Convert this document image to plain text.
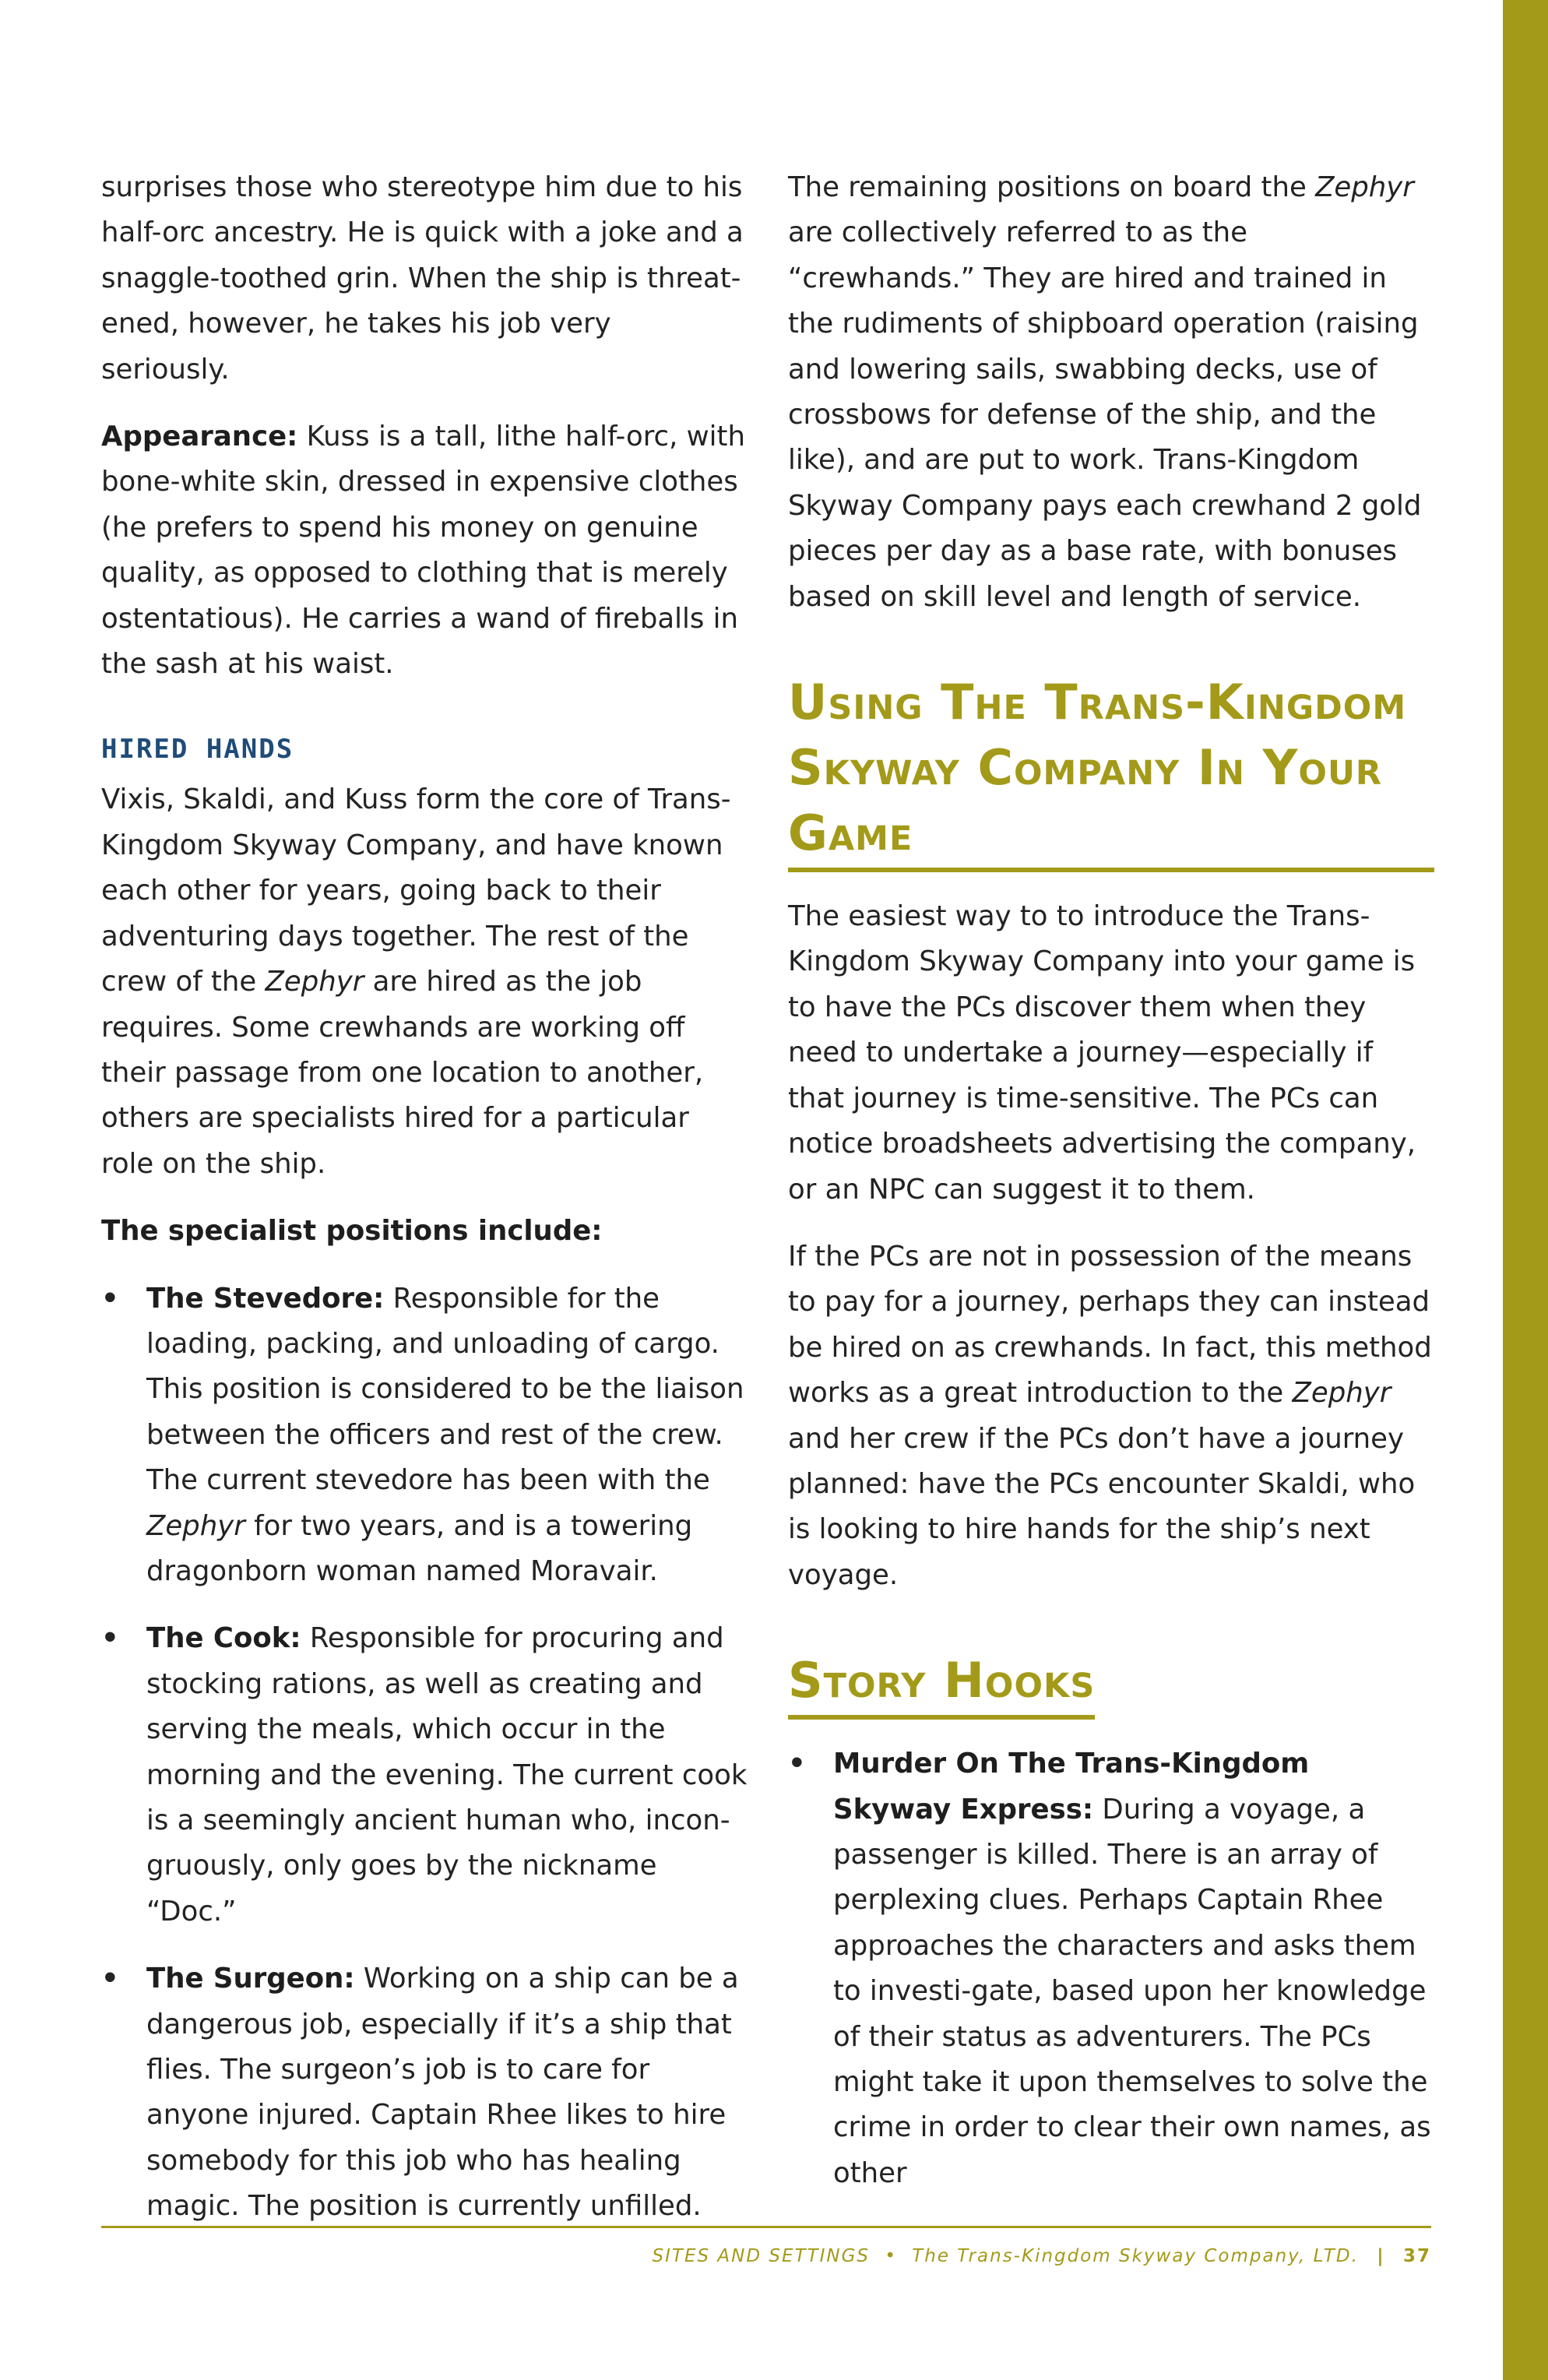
surprises those who stereotype him due to his half-orc ancestry. He is quick with a joke and a snaggle-toothed grin. When the ship is threat-ened, however, he takes his job very seriously.

Appearance: Kuss is a tall, lithe half-orc, with bone-white skin, dressed in expensive clothes (he prefers to spend his money on genuine quality, as opposed to clothing that is merely ostentatious). He carries a wand of fireballs in the sash at his waist.

HIRED HANDS

Vixis, Skaldi, and Kuss form the core of Trans-Kingdom Skyway Company, and have known each other for years, going back to their adventuring days together. The rest of the crew of the Zephyr are hired as the job requires. Some crewhands are working off their passage from one location to another, others are specialists hired for a particular role on the ship.

The specialist positions include:

• The Stevedore: Responsible for the loading, packing, and unloading of cargo. This position is considered to be the liaison between the officers and rest of the crew. The current stevedore has been with the Zephyr for two years, and is a towering dragonborn woman named Moravair.
• The Cook: Responsible for procuring and stocking rations, as well as creating and serving the meals, which occur in the morning and the evening. The current cook is a seemingly ancient human who, incon-gruously, only goes by the nickname “Doc.”
• The Surgeon: Working on a ship can be a dangerous job, especially if it’s a ship that flies. The surgeon’s job is to care for anyone injured. Captain Rhee likes to hire somebody for this job who has healing magic. The position is currently unfilled.

The remaining positions on board the Zephyr are collectively referred to as the “crewhands.” They are hired and trained in the rudiments of shipboard operation (raising and lowering sails, swabbing decks, use of crossbows for defense of the ship, and the like), and are put to work. Trans-Kingdom Skyway Company pays each crewhand 2 gold pieces per day as a base rate, with bonuses based on skill level and length of service.

Using The Trans-Kingdom Skyway Company In Your Game

The easiest way to to introduce the Trans-Kingdom Skyway Company into your game is to have the PCs discover them when they need to undertake a journey—especially if that journey is time-sensitive. The PCs can notice broadsheets advertising the company, or an NPC can suggest it to them.

If the PCs are not in possession of the means to pay for a journey, perhaps they can instead be hired on as crewhands. In fact, this method works as a great introduction to the Zephyr and her crew if the PCs don’t have a journey planned: have the PCs encounter Skaldi, who is looking to hire hands for the ship’s next voyage.

Story Hooks
• Murder On The Trans-Kingdom Skyway Express: During a voyage, a passenger is killed. There is an array of perplexing clues. Perhaps Captain Rhee approaches the characters and asks them to investi-gate, based upon her knowledge of their status as adventurers. The PCs might take it upon themselves to solve the crime in order to clear their own names, as other
SITES AND SETTINGS • The Trans-Kingdom Skyway Company, LTD. | 37
